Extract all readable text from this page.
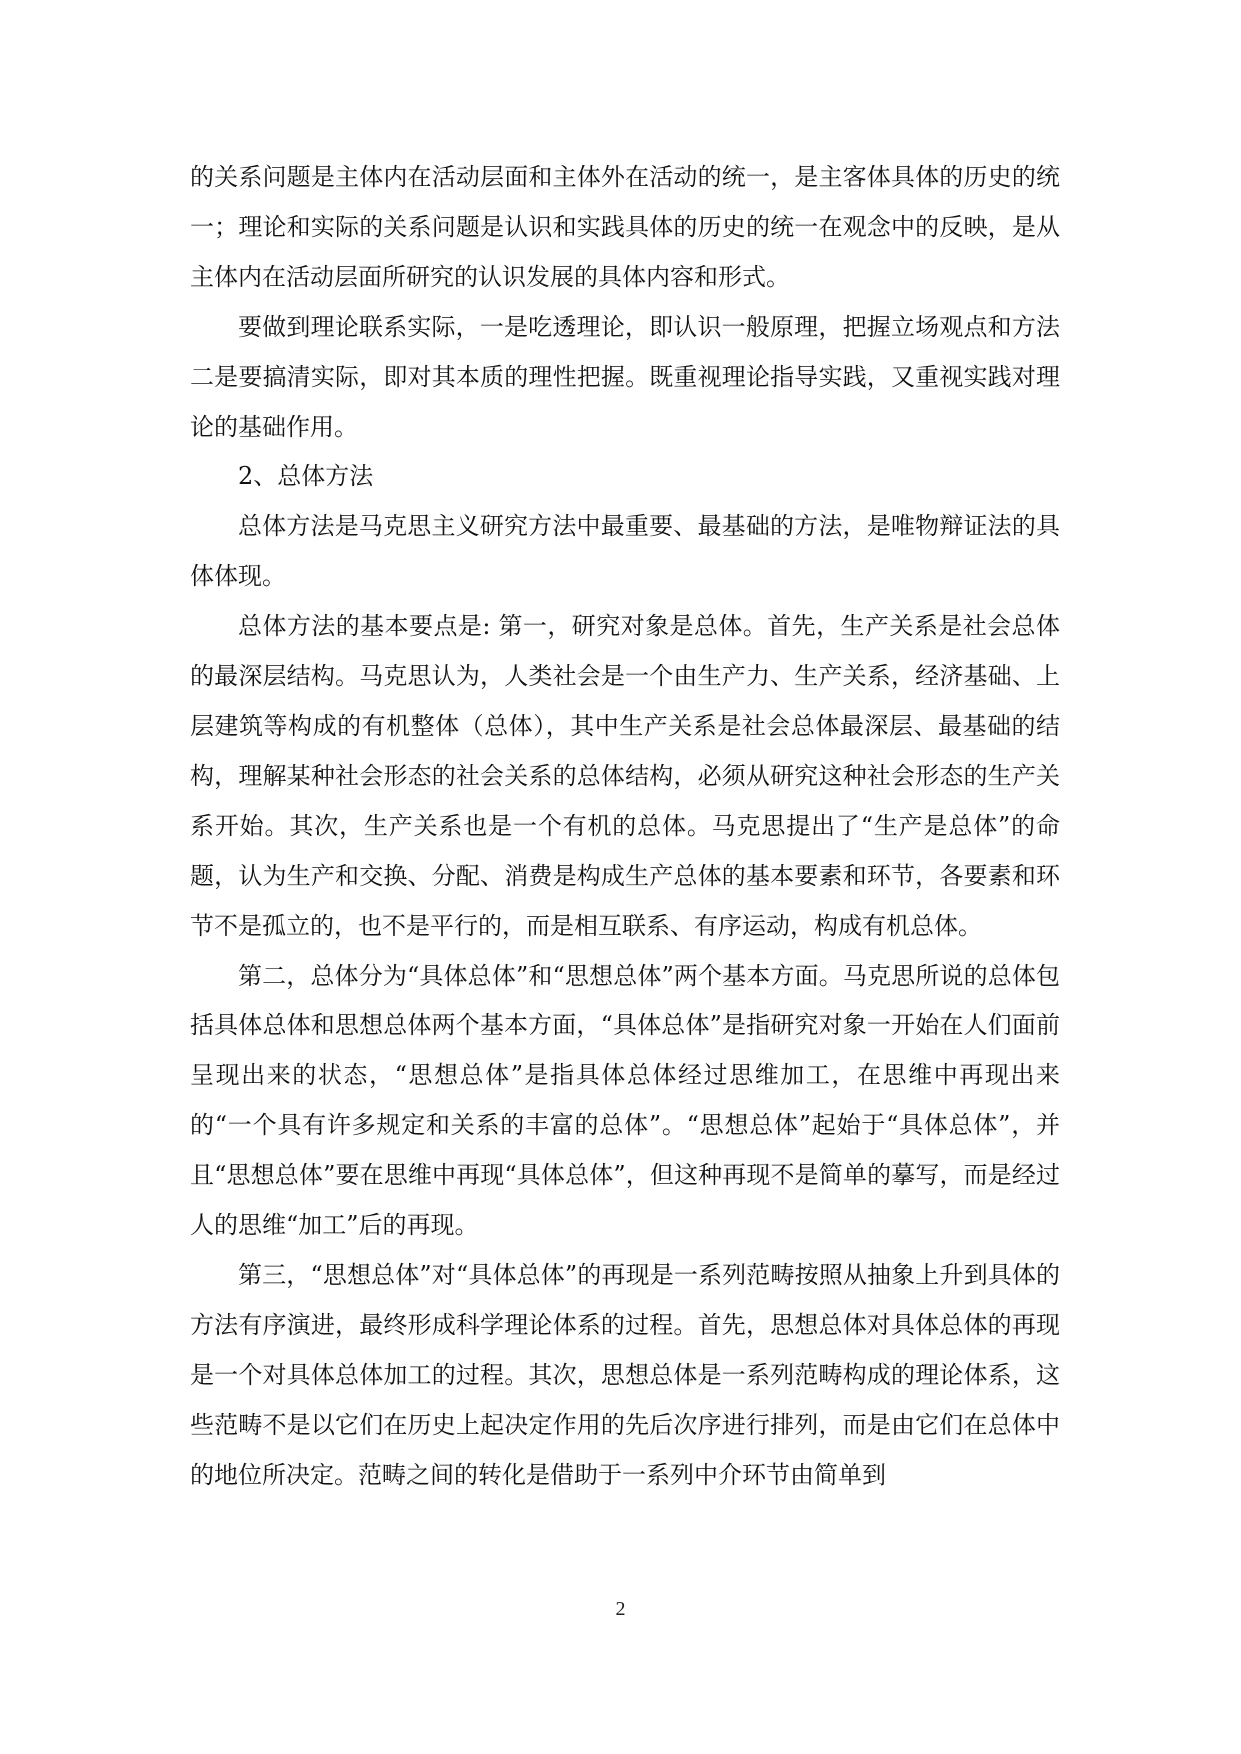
的关系问题是主体内在活动层面和主体外在活动的统一，是主客体具体的历史的统一；理论和实际的关系问题是认识和实践具体的历史的统一在观念中的反映，是从主体内在活动层面所研究的认识发展的具体内容和形式。

要做到理论联系实际，一是吃透理论，即认识一般原理，把握立场观点和方法 二是要搞清实际，即对其本质的理性把握。既重视理论指导实践，又重视实践对理论的基础作用。

2、总体方法

总体方法是马克思主义研究方法中最重要、最基础的方法，是唯物辩证法的具体体现。

总体方法的基本要点是: 第一，研究对象是总体。首先，生产关系是社会总体的最深层结构。马克思认为，人类社会是一个由生产力、生产关系，经济基础、上层建筑等构成的有机整体（总体），其中生产关系是社会总体最深层、最基础的结构，理解某种社会形态的社会关系的总体结构，必须从研究这种社会形态的生产关系开始。其次，生产关系也是一个有机的总体。马克思提出了“生产是总体”的命题，认为生产和交换、分配、消费是构成生产总体的基本要素和环节，各要素和环节不是孤立的，也不是平行的，而是相互联系、有序运动，构成有机总体。

第二，总体分为“具体总体”和“思想总体”两个基本方面。马克思所说的总体包括具体总体和思想总体两个基本方面，“具体总体”是指研究对象一开始在人们面前呈现出来的状态，“思想总体”是指具体总体经过思维加工，在思维中再现出来的“一个具有许多规定和关系的丰富的总体”。“思想总体”起始于“具体总体”，并且“思想总体”要在思维中再现“具体总体”，但这种再现不是简单的摹写，而是经过人的思维“加工”后的再现。

第三，“思想总体”对“具体总体”的再现是一系列范畴按照从抽象上升到具体的方法有序演进，最终形成科学理论体系的过程。首先，思想总体对具体总体的再现是一个对具体总体加工的过程。其次，思想总体是一系列范畴构成的理论体系，这些范畴不是以它们在历史上起决定作用的先后次序进行排列，而是由它们在总体中的地位所决定。范畴之间的转化是借助于一系列中介环节由简单到

2
